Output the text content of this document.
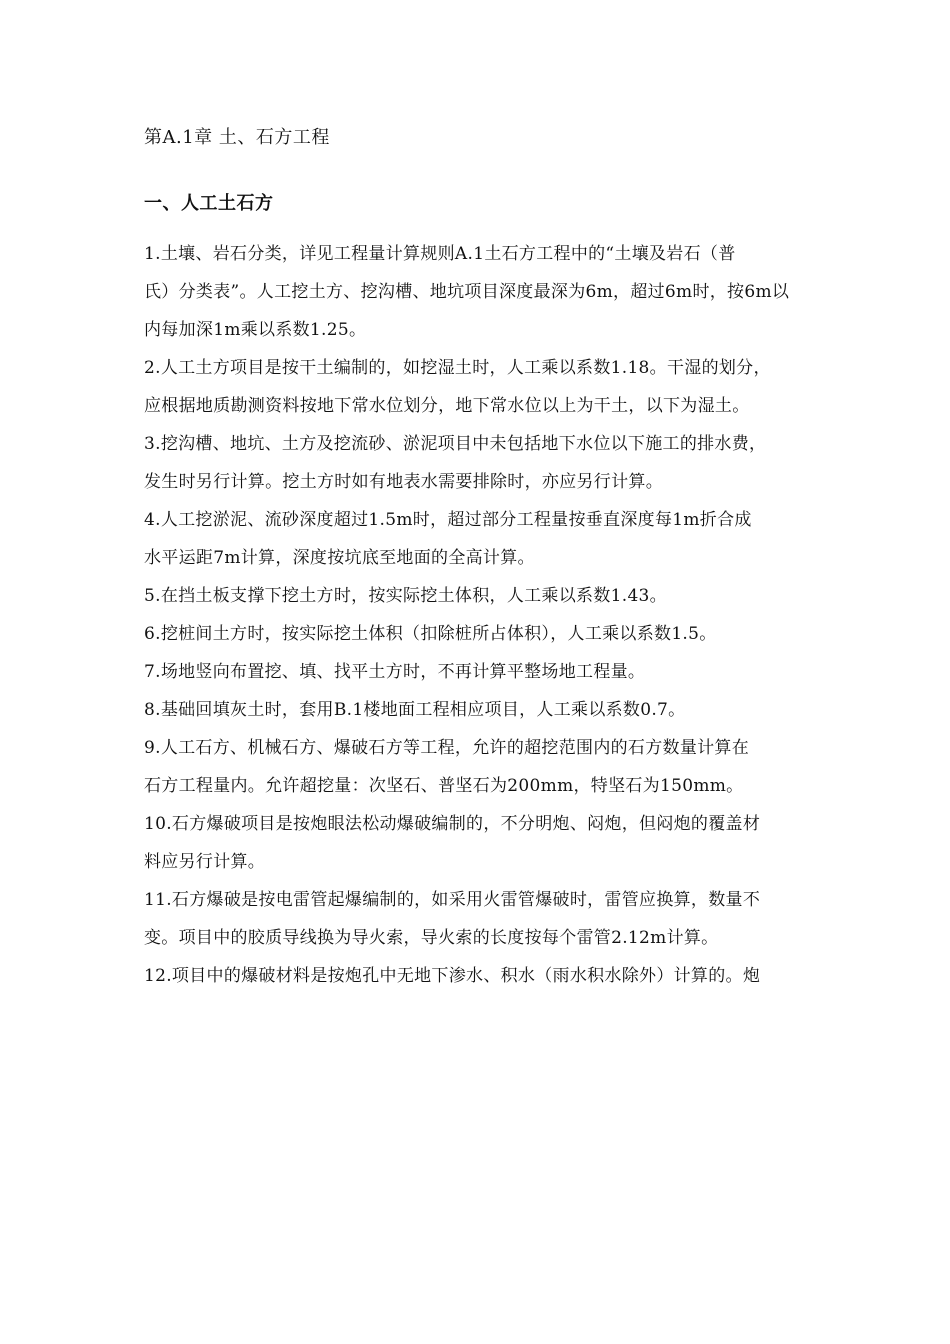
第A.1章 土、石方工程
一、人工土石方
1.土壤、岩石分类，详见工程量计算规则A.1土石方工程中的“土壤及岩石（普
氏）分类表”。人工挖土方、挖沟槽、地坑项目深度最深为6m，超过6m时，按6m以
内每加深1m乘以系数1.25。
2.人工土方项目是按干土编制的，如挖湿土时，人工乘以系数1.18。干湿的划分，
应根据地质勘测资料按地下常水位划分，地下常水位以上为干土，以下为湿土。
3.挖沟槽、地坑、土方及挖流砂、淤泥项目中未包括地下水位以下施工的排水费，
发生时另行计算。挖土方时如有地表水需要排除时，亦应另行计算。
4.人工挖淤泥、流砂深度超过1.5m时，超过部分工程量按垂直深度每1m折合成
水平运距7m计算，深度按坑底至地面的全高计算。
5.在挡土板支撑下挖土方时，按实际挖土体积，人工乘以系数1.43。
6.挖桩间土方时，按实际挖土体积（扣除桩所占体积），人工乘以系数1.5。
7.场地竖向布置挖、填、找平土方时，不再计算平整场地工程量。
8.基础回填灰土时，套用B.1楼地面工程相应项目，人工乘以系数0.7。
9.人工石方、机械石方、爆破石方等工程，允许的超挖范围内的石方数量计算在
石方工程量内。允许超挖量：次坚石、普坚石为200mm，特坚石为150mm。
10.石方爆破项目是按炮眼法松动爆破编制的，不分明炮、闷炮，但闷炮的覆盖材
料应另行计算。
11.石方爆破是按电雷管起爆编制的，如采用火雷管爆破时，雷管应换算，数量不
变。项目中的胶质导线换为导火索，导火索的长度按每个雷管2.12m计算。
12.项目中的爆破材料是按炮孔中无地下渗水、积水（雨水积水除外）计算的。炮
